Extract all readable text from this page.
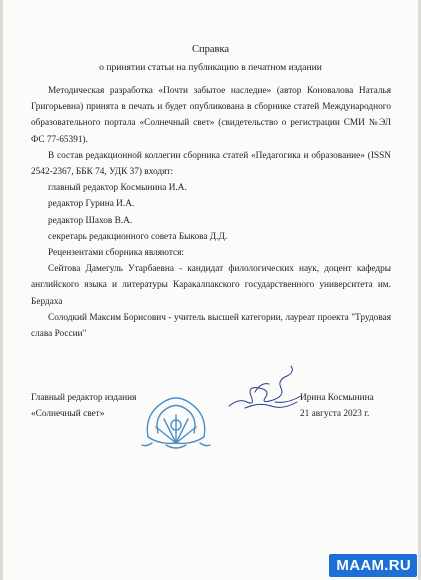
Справка
о принятии статьи на публикацию в печатном издании

Методическая разработка «Почти забытое наследие» (автор Коновалова Наталья Григорьевна) принята в печать и будет опубликована в сборнике статей Международного образовательного портала «Солнечный свет» (свидетельство о регистрации СМИ №ЭЛ ФС 77-65391).

В состав редакционной коллегии сборника статей «Педагогика и образование» (ISSN 2542-2367, ББК 74, УДК 37) входят:

главный редактор Космынина И.А.

редактор Гурина И.А.

редактор Шахов В.А.

секретарь редакционного совета Быкова Д.Д.

Рецензентами сборника являются:

Сейтова Дамегуль Утарбаевна - кандидат филологических наук, доцент кафедры английского языка и литературы Каракалпакского государственного университета им. Бердаха

Солодкий Максим Борисович - учитель высшей категории, лауреат проекта "Трудовая слава России"

Главный редактор издания
«Солнечный свет»
Ирина Космынина
21 августа 2023 г.
MAAM.RU
